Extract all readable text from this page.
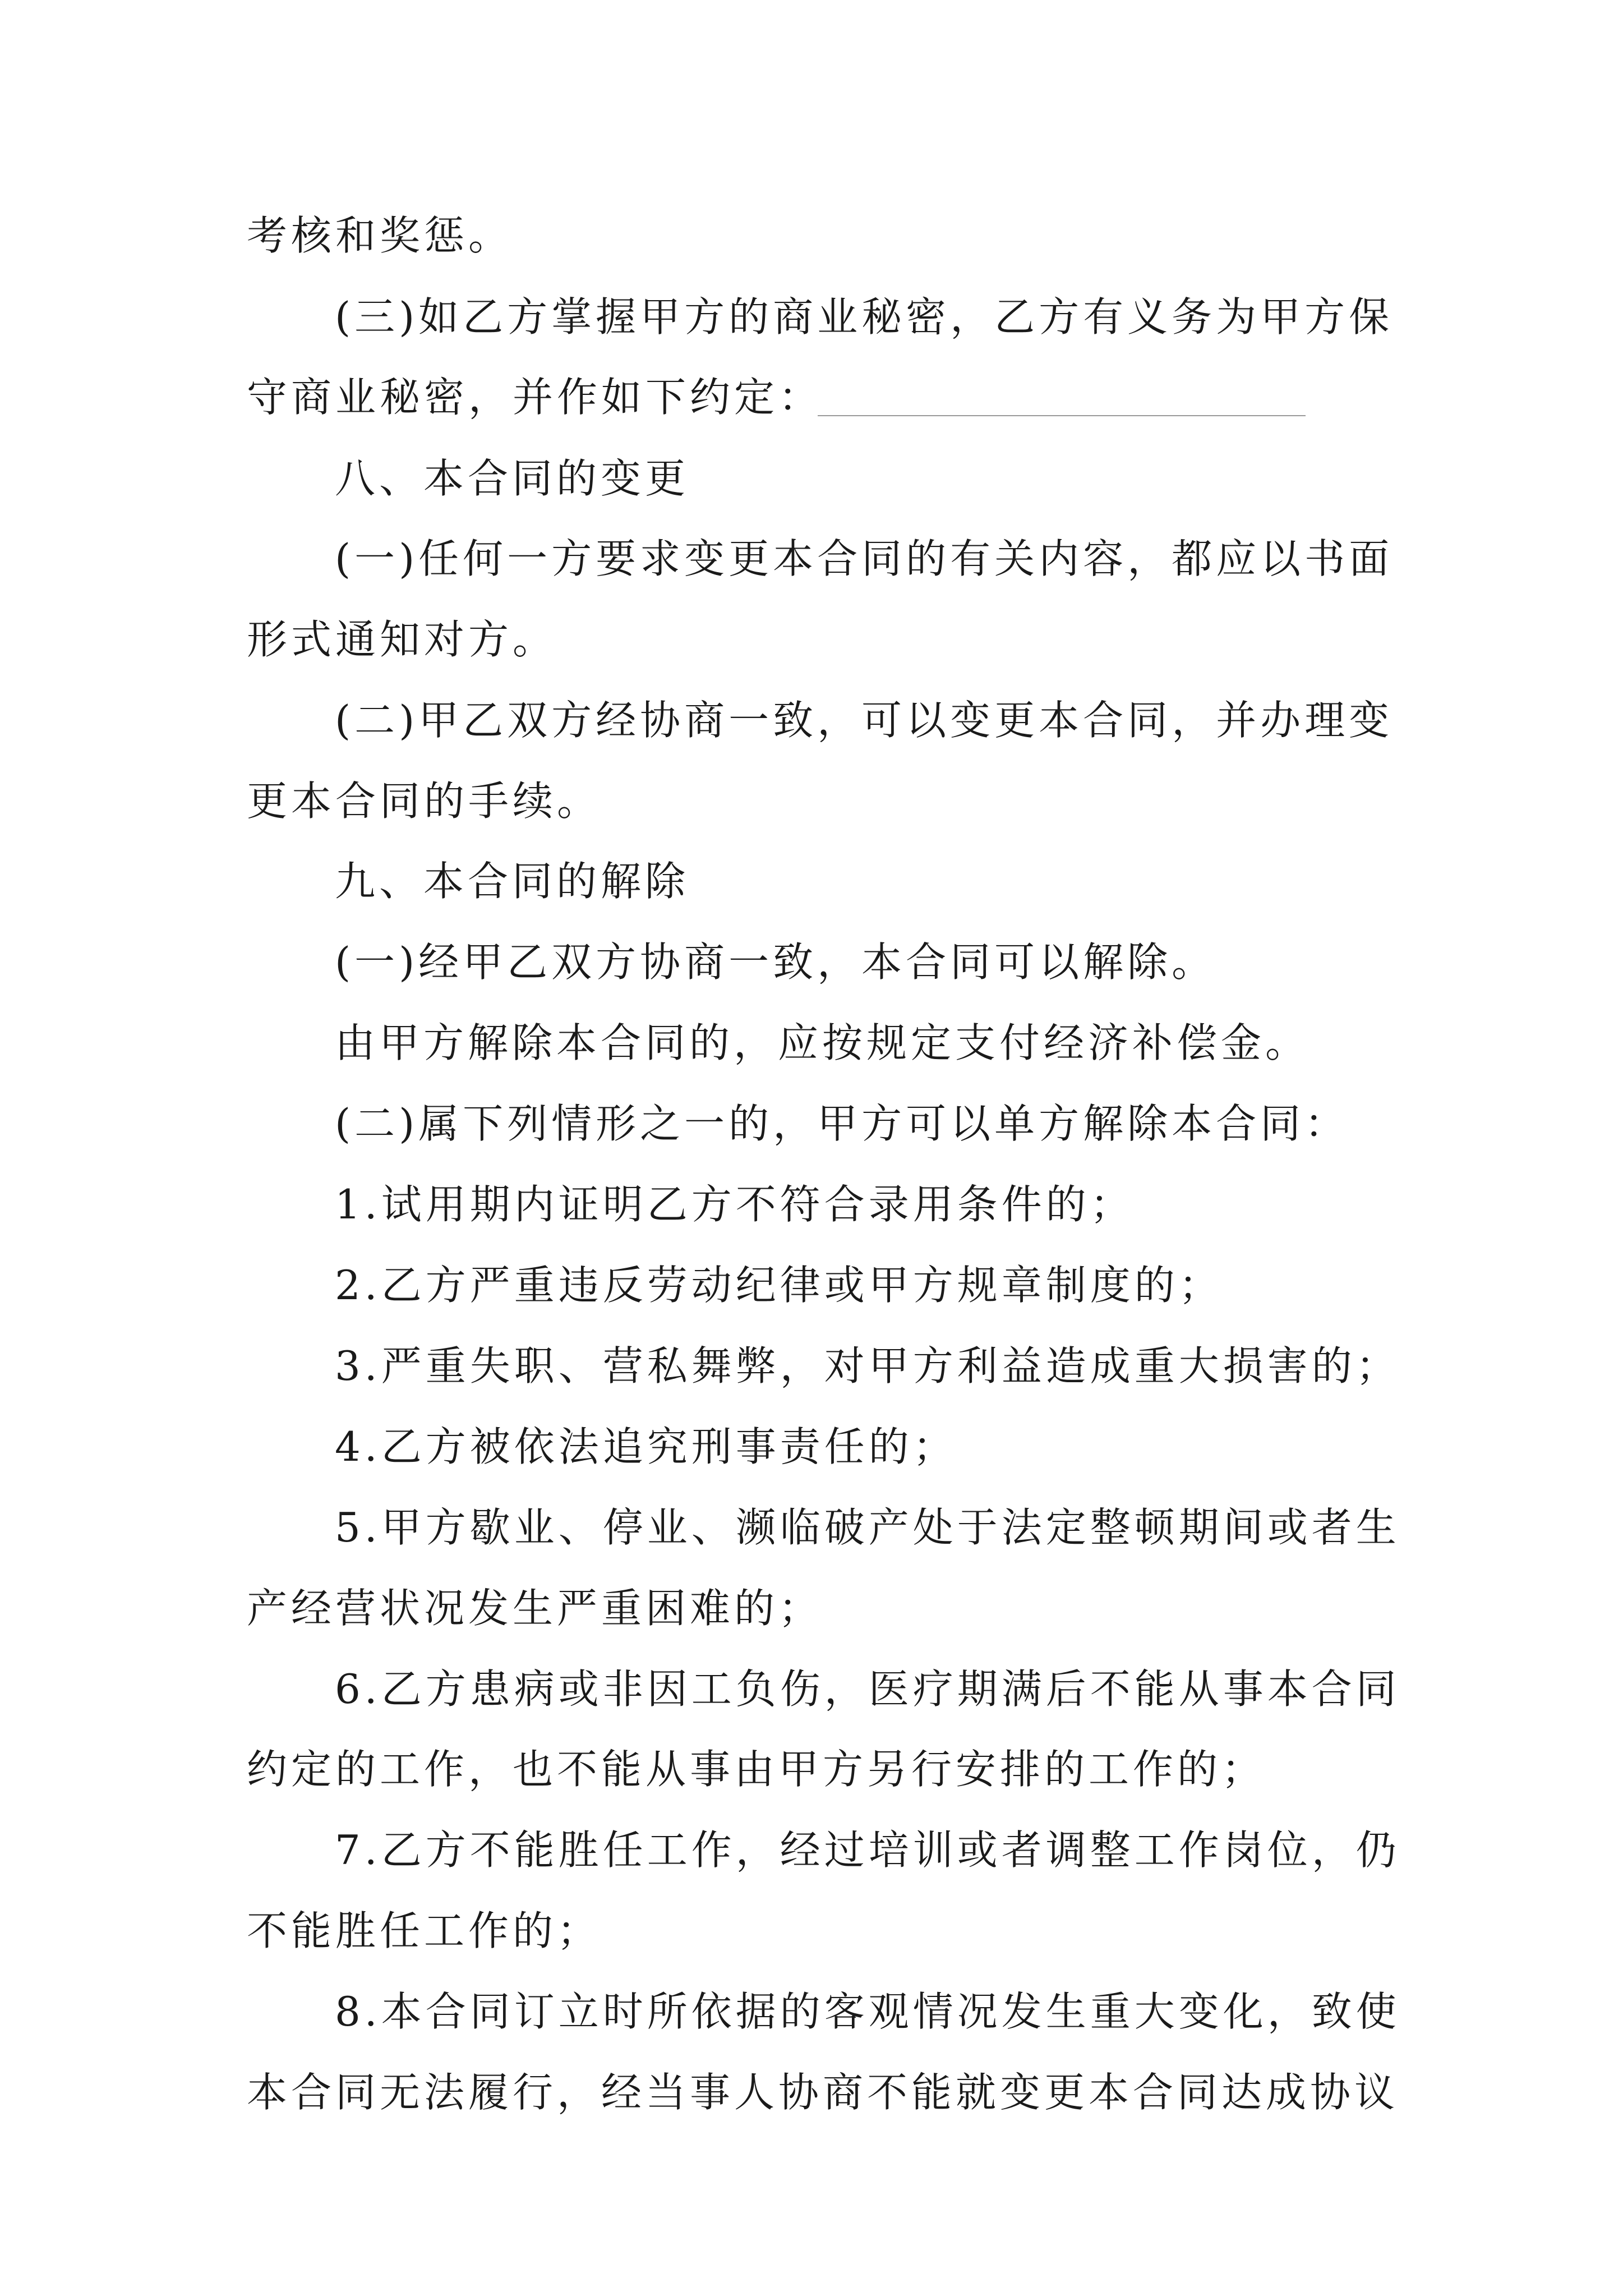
考核和奖惩。
(三)如乙方掌握甲方的商业秘密，乙方有义务为甲方保
守商业秘密，并作如下约定：
八、本合同的变更
(一)任何一方要求变更本合同的有关内容，都应以书面
形式通知对方。
(二)甲乙双方经协商一致，可以变更本合同，并办理变
更本合同的手续。
九、本合同的解除
(一)经甲乙双方协商一致，本合同可以解除。
由甲方解除本合同的，应按规定支付经济补偿金。
(二)属下列情形之一的，甲方可以单方解除本合同：
1.试用期内证明乙方不符合录用条件的；
2.乙方严重违反劳动纪律或甲方规章制度的；
3.严重失职、营私舞弊，对甲方利益造成重大损害的；
4.乙方被依法追究刑事责任的；
5.甲方歇业、停业、濒临破产处于法定整顿期间或者生
产经营状况发生严重困难的；
6.乙方患病或非因工负伤，医疗期满后不能从事本合同
约定的工作，也不能从事由甲方另行安排的工作的；
7.乙方不能胜任工作，经过培训或者调整工作岗位，仍
不能胜任工作的；
8.本合同订立时所依据的客观情况发生重大变化，致使
本合同无法履行，经当事人协商不能就变更本合同达成协议
